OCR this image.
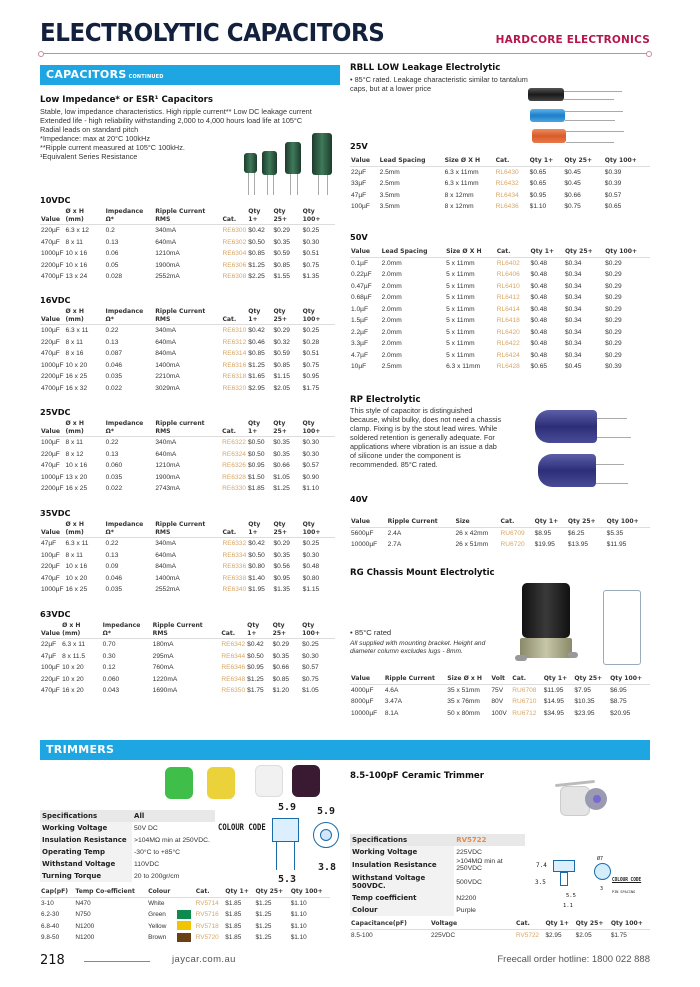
ELECTROLYTIC CAPACITORS	HARDCORE ELECTRONICS
CAPACITORS CONTINUED
Low Impedance* or ESR¹ Capacitors
Stable, low impedance characteristics. High ripple current** Low DC leakage current Extended life - high reliability withstanding 2,000 to 4,000 hours load life at 105°C
Radial leads on standard pitch
*Impedance: max at 20°C 100kHz
**Ripple current measured at 105°C 100kHz.
¹Equivalent Series Resistance
10VDC
Value	Ø x H (mm)	Impedance Ω*	Ripple Current RMS	Cat.	Qty 1+	Qty 25+	Qty 100+
220µF	6.3 x 12	0.2	340mA	RE6300	$0.42	$0.29	$0.25
470µF	8 x 11	0.13	640mA	RE6302	$0.50	$0.35	$0.30
1000µF	10 x 16	0.06	1210mA	RE6304	$0.85	$0.59	$0.51
2200µF	10 x 16	0.05	1900mA	RE6306	$1.25	$0.85	$0.75
4700µF	13 x 24	0.028	2552mA	RE6308	$2.25	$1.55	$1.35
16VDC
Value	Ø x H (mm)	Impedance Ω*	Ripple Current RMS	Cat.	Qty 1+	Qty 25+	Qty 100+
100µF	6.3 x 11	0.22	340mA	RE6310	$0.42	$0.29	$0.25
220µF	8 x 11	0.13	640mA	RE6312	$0.46	$0.32	$0.28
470µF	8 x 16	0.087	840mA	RE6314	$0.85	$0.59	$0.51
1000µF	10 x 20	0.046	1400mA	RE6316	$1.25	$0.85	$0.75
2200µF	16 x 25	0.035	2210mA	RE6318	$1.65	$1.15	$0.95
4700µF	16 x 32	0.022	3029mA	RE6320	$2.95	$2.05	$1.75
25VDC
Value	Ø x H (mm)	Impedance Ω*	Ripple current RMS	Cat.	Qty 1+	Qty 25+	Qty 100+
100µF	8 x 11	0.22	340mA	RE6322	$0.50	$0.35	$0.30
220µF	8 x 12	0.13	640mA	RE6324	$0.50	$0.35	$0.30
470µF	10 x 16	0.060	1210mA	RE6326	$0.95	$0.66	$0.57
1000µF	13 x 20	0.035	1900mA	RE6328	$1.50	$1.05	$0.90
2200µF	16 x 25	0.022	2743mA	RE6330	$1.85	$1.25	$1.10
35VDC
Value	Ø x H (mm)	Impedance Ω*	Ripple Current RMS	Cat.	Qty 1+	Qty 25+	Qty 100+
47µF	6.3 x 11	0.22	340mA	RE6332	$0.42	$0.29	$0.25
100µF	8 x 11	0.13	640mA	RE6334	$0.50	$0.35	$0.30
220µF	10 x 16	0.09	840mA	RE6336	$0.80	$0.56	$0.48
470µF	10 x 20	0.046	1400mA	RE6338	$1.40	$0.95	$0.80
1000µF	16 x 25	0.035	2552mA	RE6340	$1.95	$1.35	$1.15
63VDC
Value	Ø x H (mm)	Impedance Ω*	Ripple Current RMS	Cat.	Qty 1+	Qty 25+	Qty 100+
22µF	6.3 x 11	0.70	180mA	RE6342	$0.42	$0.29	$0.25
47µF	8 x 11.5	0.30	295mA	RE6344	$0.50	$0.35	$0.30
100µF	10 x 20	0.12	760mA	RE6346	$0.95	$0.66	$0.57
220µF	10 x 20	0.060	1220mA	RE6348	$1.25	$0.85	$0.75
470µF	16 x 20	0.043	1690mA	RE6350	$1.75	$1.20	$1.05
RBLL LOW Leakage Electrolytic
• 85°C rated. Leakage characteristic similar to tantalum caps, but at a lower price
25V
Value	Lead Spacing	Size Ø X H	Cat.	Qty 1+	Qty 25+	Qty 100+
22µF	2.5mm	6.3 x 11mm	RL6430	$0.65	$0.45	$0.39
33µF	2.5mm	6.3 x 11mm	RL6432	$0.65	$0.45	$0.39
47µF	3.5mm	8 x 12mm	RL6434	$0.95	$0.66	$0.57
100µF	3.5mm	8 x 12mm	RL6436	$1.10	$0.75	$0.65
50V
Value	Lead Spacing	Size Ø X H	Cat.	Qty 1+	Qty 25+	Qty 100+
0.1µF	2.0mm	5 x 11mm	RL6402	$0.48	$0.34	$0.29
0.22µF	2.0mm	5 x 11mm	RL6406	$0.48	$0.34	$0.29
0.47µF	2.0mm	5 x 11mm	RL6410	$0.48	$0.34	$0.29
0.68µF	2.0mm	5 x 11mm	RL6412	$0.48	$0.34	$0.29
1.0µF	2.0mm	5 x 11mm	RL6414	$0.48	$0.34	$0.29
1.5µF	2.0mm	5 x 11mm	RL6418	$0.48	$0.34	$0.29
2.2µF	2.0mm	5 x 11mm	RL6420	$0.48	$0.34	$0.29
3.3µF	2.0mm	5 x 11mm	RL6422	$0.48	$0.34	$0.29
4.7µF	2.0mm	5 x 11mm	RL6424	$0.48	$0.34	$0.29
10µF	2.5mm	6.3 x 11mm	RL6428	$0.65	$0.45	$0.39
RP Electrolytic
This style of capacitor is distinguished because, whilst bulky, does not need a chassis clamp. Fixing is by the stout lead wires. While soldered retention is generally adequate. For applications where vibration is an issue a dab of silicone under the component is recommended. 85°C rated.
40V
Value	Ripple Current	Size	Cat.	Qty 1+	Qty 25+	Qty 100+
5600µF	2.4A	26 x 42mm	RU6709	$8.95	$6.25	$5.35
10000µF	2.7A	26 x 51mm	RU6720	$19.95	$13.95	$11.95
RG Chassis Mount Electrolytic
• 85°C rated
All supplied with mounting bracket. Height and diameter column excludes lugs - 8mm.
Value	Ripple Current	Size Ø x H	Volt	Cat.	Qty 1+	Qty 25+	Qty 100+
4000µF	4.6A	35 x 51mm	75V	RU6708	$11.95	$7.95	$6.95
8000µF	3.47A	35 x 76mm	80V	RU6710	$14.95	$10.35	$8.75
10000µF	8.1A	50 x 80mm	100V	RU6712	$34.95	$23.95	$20.95
TRIMMERS
Specifications	All
Working Voltage	50V DC
Insulation Resistance	>104MΩ min at 250VDC.
Operating Temp	-30°C to +85°C
Withstand Voltage	110VDC
Turning Torque	20 to 200gr/cm
COLOUR CODE
5.9
5.3
5.9
3.8
Cap(pF)	Temp Co-efficient	Colour		Cat.	Qty 1+	Qty 25+	Qty 100+
3-10	N470	White		RV5714	$1.85	$1.25	$1.10
6.2-30	N750	Green		RV5716	$1.85	$1.25	$1.10
6.8-40	N1200	Yellow		RV5718	$1.85	$1.25	$1.10
9.8-50	N1200	Brown		RV5720	$1.85	$1.25	$1.10
8.5-100pF Ceramic Trimmer
Specifications	RV5722
Working Voltage	225VDC
Insulation Resistance	>104MΩ min at 250VDC
Withstand Voltage 500VDC.	500VDC
Temp coefficient	N2200
Colour	Purple
7.4
3.5
5.5
1.1
Ø7
3
COLOUR CODE
PIN SPACING
Capacitance(pF)	Voltage	Cat.	Qty 1+	Qty 25+	Qty 100+
8.5-100	225VDC	RV5722	$2.95	$2.05	$1.75
218	jaycar.com.au	Freecall order hotline: 1800 022 888
